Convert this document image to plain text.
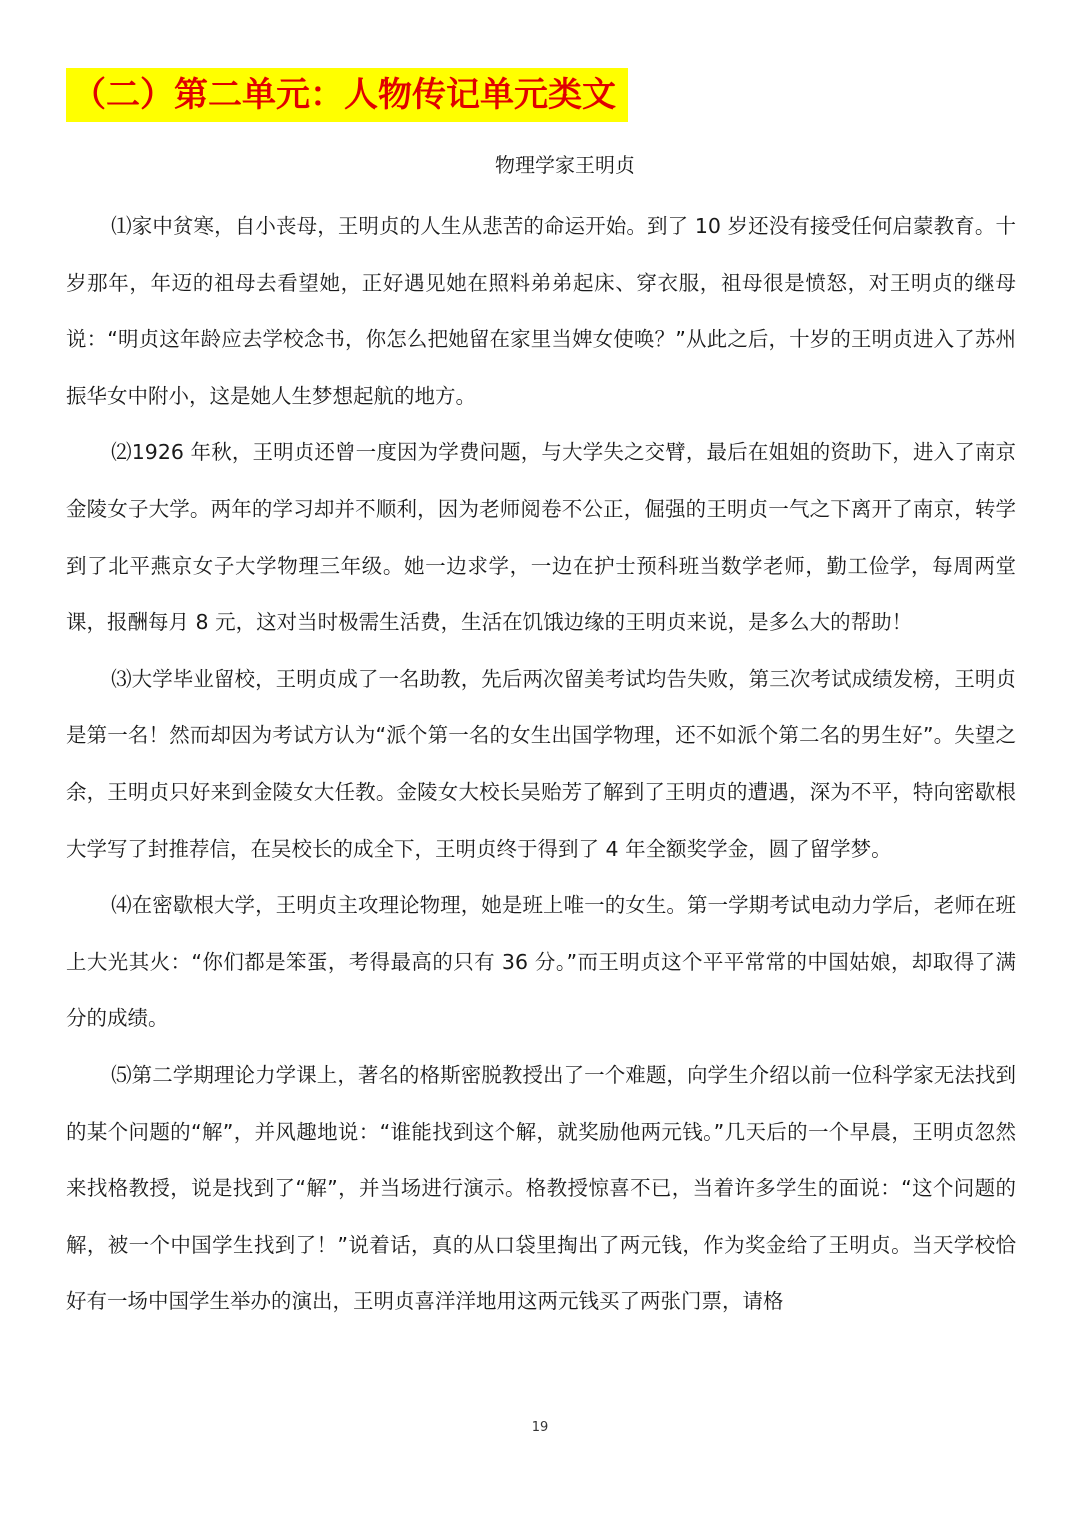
（二）第二单元：人物传记单元类文
物理学家王明贞

⑴家中贫寒，自小丧母，王明贞的人生从悲苦的命运开始。到了 10 岁还没有接受任何启蒙教育。十岁那年，年迈的祖母去看望她，正好遇见她在照料弟弟起床、穿衣服，祖母很是愤怒，对王明贞的继母说：“明贞这年龄应去学校念书，你怎么把她留在家里当婢女使唤？”从此之后，十岁的王明贞进入了苏州振华女中附小，这是她人生梦想起航的地方。

⑵1926 年秋，王明贞还曾一度因为学费问题，与大学失之交臂，最后在姐姐的资助下，进入了南京金陵女子大学。两年的学习却并不顺利，因为老师阅卷不公正，倔强的王明贞一气之下离开了南京，转学到了北平燕京女子大学物理三年级。她一边求学，一边在护士预科班当数学老师，勤工俭学，每周两堂课，报酬每月 8 元，这对当时极需生活费，生活在饥饿边缘的王明贞来说，是多么大的帮助！

⑶大学毕业留校，王明贞成了一名助教，先后两次留美考试均告失败，第三次考试成绩发榜，王明贞是第一名！然而却因为考试方认为“派个第一名的女生出国学物理，还不如派个第二名的男生好”。失望之余，王明贞只好来到金陵女大任教。金陵女大校长吴贻芳了解到了王明贞的遭遇，深为不平，特向密歇根大学写了封推荐信，在吴校长的成全下，王明贞终于得到了 4 年全额奖学金，圆了留学梦。

⑷在密歇根大学，王明贞主攻理论物理，她是班上唯一的女生。第一学期考试电动力学后，老师在班上大光其火：“你们都是笨蛋，考得最高的只有 36 分。”而王明贞这个平平常常的中国姑娘，却取得了满分的成绩。

⑸第二学期理论力学课上，著名的格斯密脱教授出了一个难题，向学生介绍以前一位科学家无法找到的某个问题的“解”，并风趣地说：“谁能找到这个解，就奖励他两元钱。”几天后的一个早晨，王明贞忽然来找格教授，说是找到了“解”，并当场进行演示。格教授惊喜不已，当着许多学生的面说：“这个问题的解，被一个中国学生找到了！”说着话，真的从口袋里掏出了两元钱，作为奖金给了王明贞。当天学校恰好有一场中国学生举办的演出，王明贞喜洋洋地用这两元钱买了两张门票，请格

19
